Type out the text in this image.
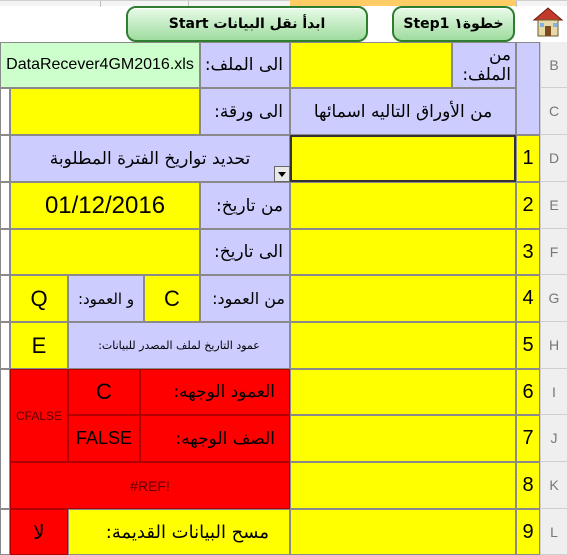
ابدأ نقل البيانات Start	خطوة١ Step1
B
C
D
E
F
G
H
I
J
K
L
1
2
3
4
5
6
7
8
9
من الملف:
الى الملف:
DataRecever4GM2016.xls
من الأوراق التاليه اسمائها
الى ورقة:
تحديد تواريخ الفترة المطلوبة
من تاريخ:
01/12/2016
الى تاريخ:
من العمود:
C
و العمود:
Q
عمود التاريخ لملف المصدر للبيانات:
E
العمود الوجهه:
C
الصف الوجهه:
FALSE
CFALSE
#REF!
مسح البيانات القديمة:
لا
